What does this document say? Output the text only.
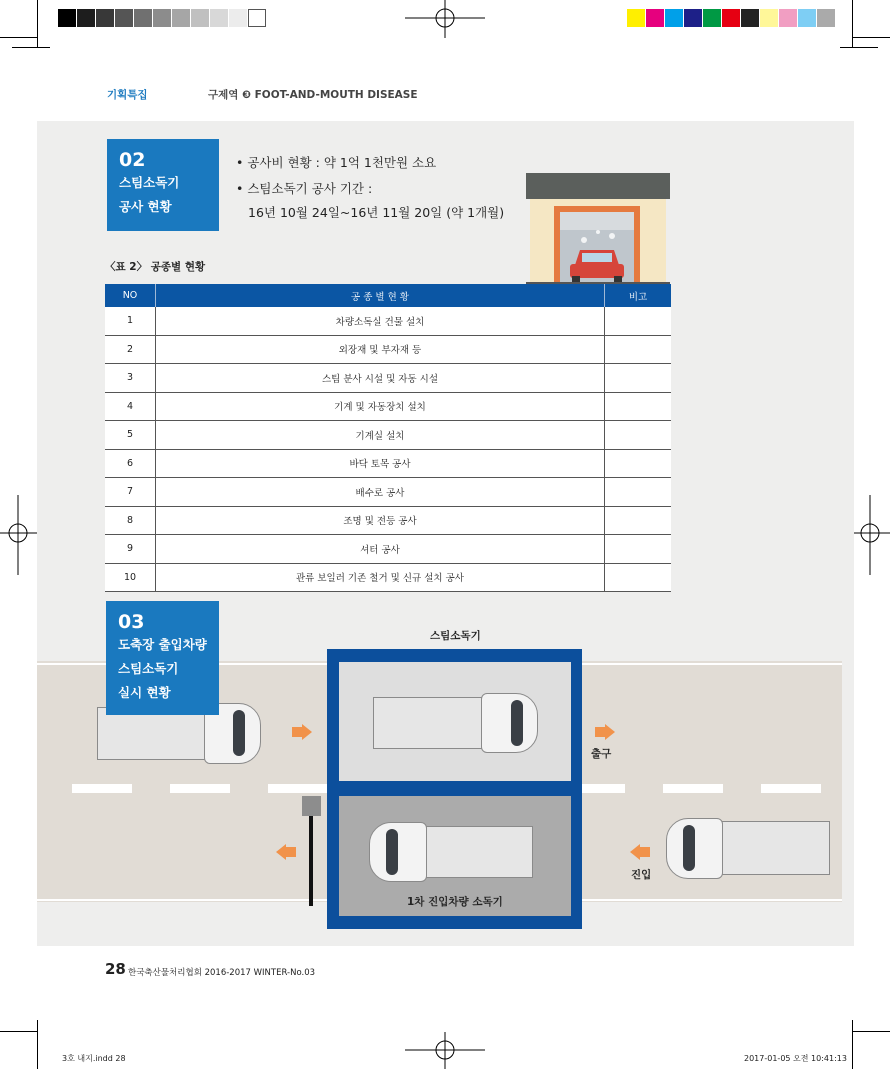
기획특집	구제역 ❸ FOOT-AND-MOUTH DISEASE
02
스팀소독기
공사 현황
• 공사비 현황 : 약 1억 1천만원 소요
• 스팀소독기 공사 기간 :
16년 10월 24일~16년 11월 20일 (약 1개월)
〈표 2〉 공종별 현황
NO	공 종 별 현 황	비고
1	차량소독실 건물 설치	
2	외장재 및 부자재 등	
3	스팀 분사 시설 및 자동 시설	
4	기계 및 자동장치 설치	
5	기계실 설치	
6	바닥 토목 공사	
7	배수로 공사	
8	조명 및 전등 공사	
9	셔터 공사	
10	관류 보일러 기존 철거 및 신규 설치 공사	
스팀소독기
1차 진입차량 소독기
출구
진입
03
도축장 출입차량
스팀소독기
실시 현황
28 한국축산물처리협회 2016-2017 WINTER-No.03
3호 내지.indd 28	2017-01-05 오전 10:41:13
